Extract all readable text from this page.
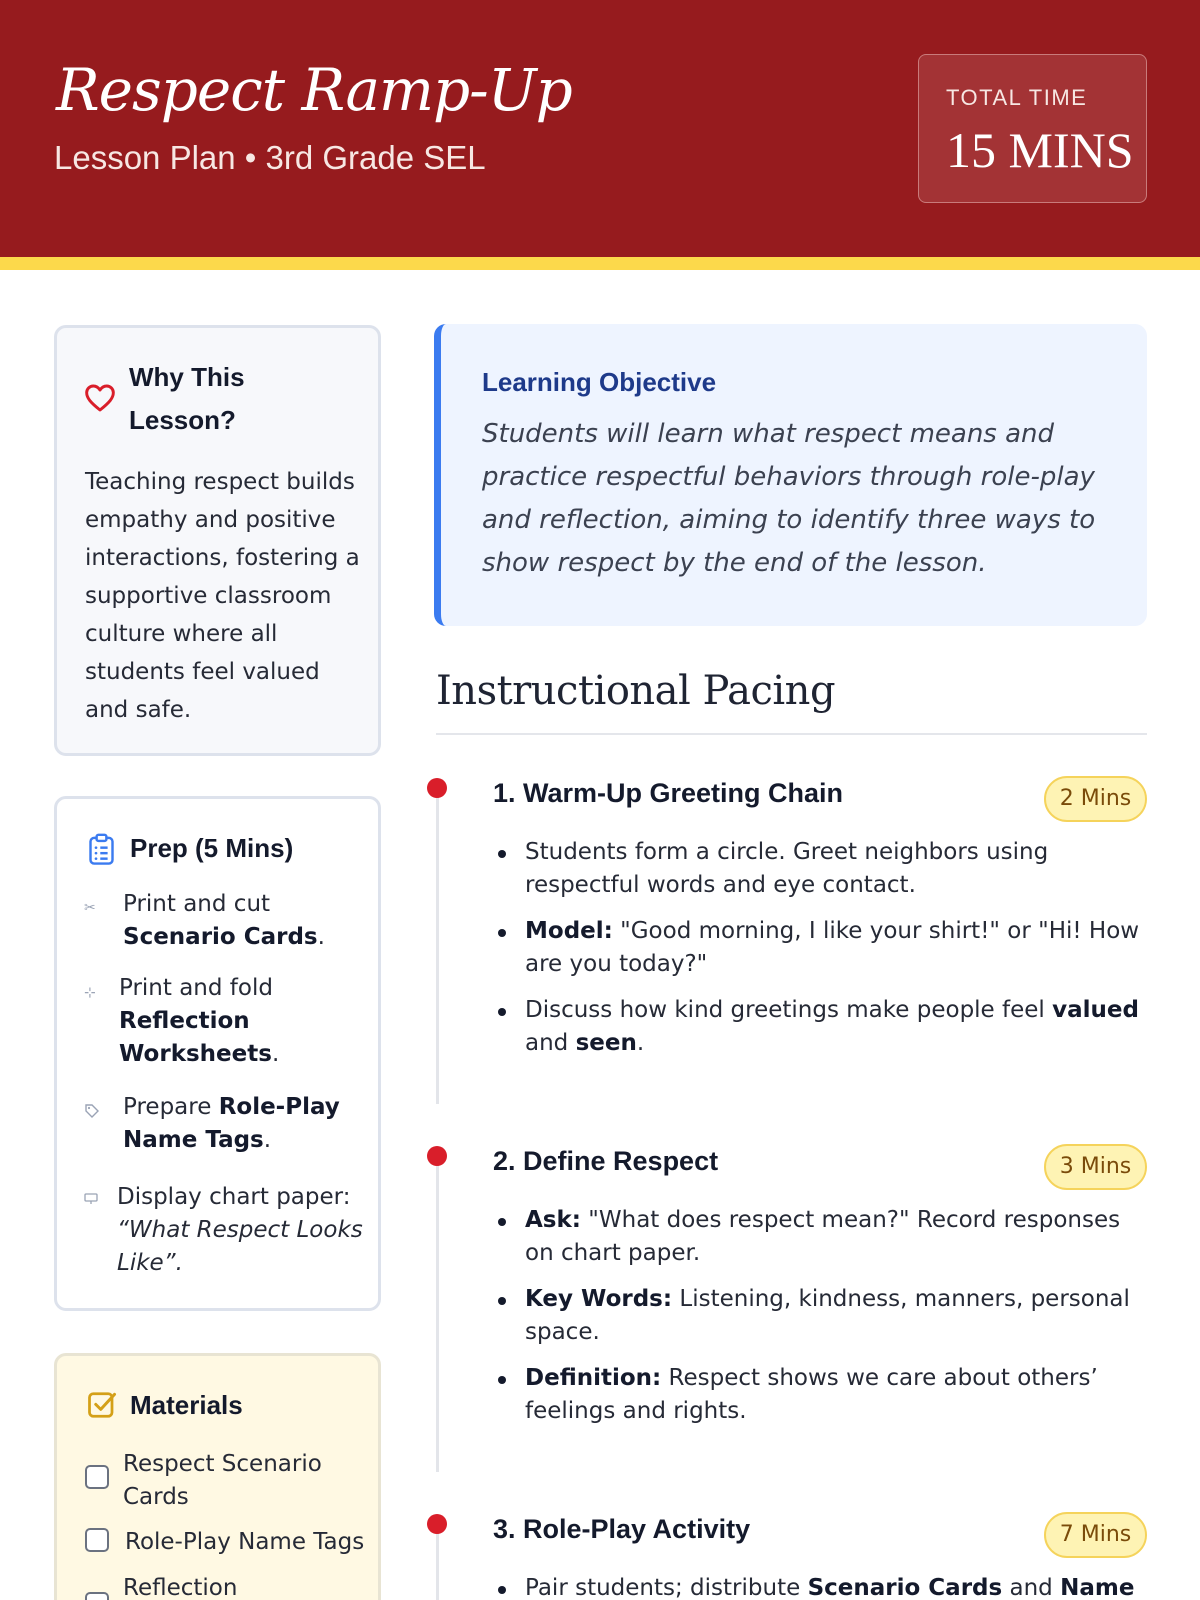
Respect Ramp-Up
Lesson Plan • 3rd Grade SEL
TOTAL TIME
15 MINS
Why This Lesson?
Teaching respect builds empathy and positive interactions, fostering a supportive classroom culture where all students feel valued and safe.
Prep (5 Mins)
✂ Print and cut
Scenario Cards.
⊹ Print and fold
Reflection Worksheets.
Prepare Role-Play Name Tags.
Display chart paper:
“What Respect Looks Like”.
Materials
Respect Scenario Cards
Role-Play Name Tags
Reflection
Learning Objective
Students will learn what respect means and practice respectful behaviors through role-play and reflection, aiming to identify three ways to show respect by the end of the lesson.
Instructional Pacing
1. Warm-Up Greeting Chain	2 Mins
Students form a circle. Greet neighbors using respectful words and eye contact.
Model: "Good morning, I like your shirt!" or "Hi! How are you today?"
Discuss how kind greetings make people feel valued and seen.
2. Define Respect	3 Mins
Ask: "What does respect mean?" Record responses on chart paper.
Key Words: Listening, kindness, manners, personal space.
Definition: Respect shows we care about others’ feelings and rights.
3. Role-Play Activity	7 Mins
Pair students; distribute Scenario Cards and Name
